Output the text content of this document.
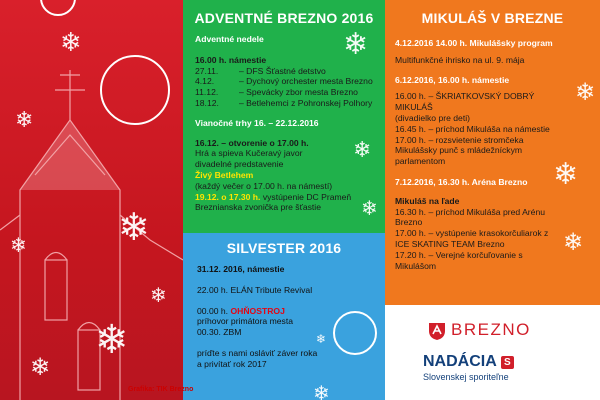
❄
❄
❄
❄
❄
❄
❄
ADVENTNÉ BREZNO 2016
Adventné nedele
16.00 h. námestie
27.11.	– DFS Šťastné detstvo
4.12.	– Dychový orchester mesta Brezno
11.12.	– Spevácky zbor mesta Brezno
18.12.	– Betlehemci z Pohronskej Polhory
Vianočné trhy 16. – 22.12.2016
16.12. – otvorenie o 17.00 h.
Hrá a spieva Kučeravý javor
divadelné predstavenie
Živý Betlehem
(každý večer o 17.00 h. na námestí)
19.12. o 17.30 h. vystúpenie DC Prameň
Breznianska zvonička pre šťastie
❄
❄
❄
SILVESTER 2016
31.12. 2016, námestie
22.00 h. ELÁN Tribute Revival
00.00 h. OHŇOSTROJ
príhovor primátora mesta
00.30. ZBM
príďte s nami osláviť záver roka
a privítať rok 2017
❄
❄
MIKULÁŠ V BREZNE
4.12.2016 14.00 h. Mikulášsky program
Multifunkčné ihrisko na ul. 9. mája
6.12.2016, 16.00 h. námestie
16.00 h. – ŠKRIATKOVSKÝ DOBRÝ MIKULÁŠ
(divadielko pre deti)
16.45 h. – príchod Mikuláša na námestie
17.00 h. – rozsvietenie stromčeka
Mikulášsky punč s mládežníckym
parlamentom
7.12.2016, 16.30 h. Aréna Brezno
Mikuláš na ľade
16.30 h. – príchod Mikuláša pred Arénu
Brezno
17.00 h. – vystúpenie krasokorčuliarok z
ICE SKATING TEAM Brezno
17.20 h. – Verejné korčuľovanie s Mikulášom
❄
❄
❄
BREZNO
NADÁCIA S
Slovenskej sporiteľne
Grafika: TIK Brezno
